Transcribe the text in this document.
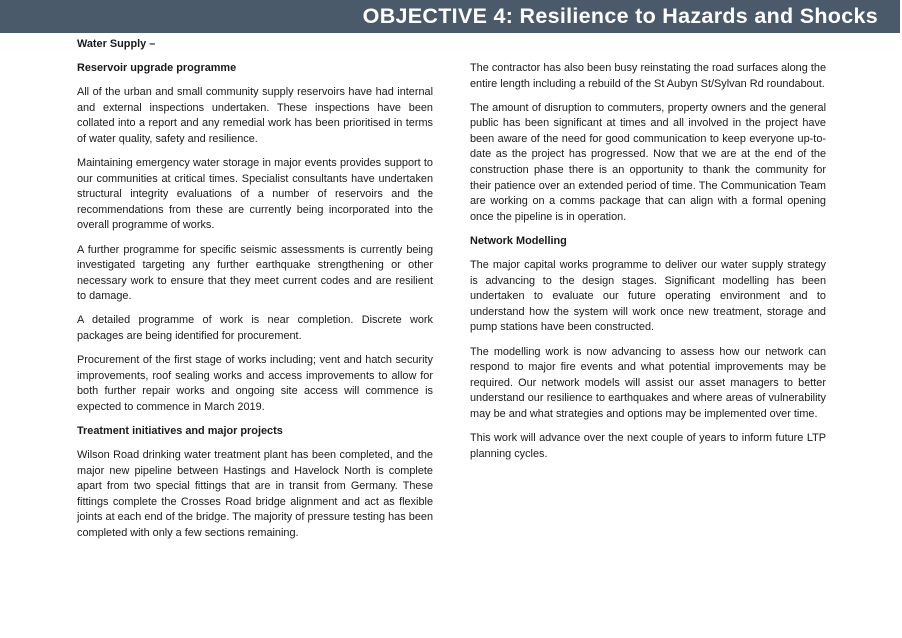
OBJECTIVE 4: Resilience to Hazards and Shocks
Water Supply –
Reservoir upgrade programme

All of the urban and small community supply reservoirs have had internal and external inspections undertaken. These inspections have been collated into a report and any remedial work has been prioritised in terms of water quality, safety and resilience.

Maintaining emergency water storage in major events provides support to our communities at critical times. Specialist consultants have undertaken structural integrity evaluations of a number of reservoirs and the recommendations from these are currently being incorporated into the overall programme of works.

A further programme for specific seismic assessments is currently being investigated targeting any further earthquake strengthening or other necessary work to ensure that they meet current codes and are resilient to damage.

A detailed programme of work is near completion. Discrete work packages are being identified for procurement.

Procurement of the first stage of works including; vent and hatch security improvements, roof sealing works and access improvements to allow for both further repair works and ongoing site access will commence is expected to commence in March 2019.

Treatment initiatives and major projects

Wilson Road drinking water treatment plant has been completed, and the major new pipeline between Hastings and Havelock North is complete apart from two special fittings that are in transit from Germany. These fittings complete the Crosses Road bridge alignment and act as flexible joints at each end of the bridge. The majority of pressure testing has been completed with only a few sections remaining.

The contractor has also been busy reinstating the road surfaces along the entire length including a rebuild of the St Aubyn St/Sylvan Rd roundabout.

The amount of disruption to commuters, property owners and the general public has been significant at times and all involved in the project have been aware of the need for good communication to keep everyone up-to-date as the project has progressed. Now that we are at the end of the construction phase there is an opportunity to thank the community for their patience over an extended period of time. The Communication Team are working on a comms package that can align with a formal opening once the pipeline is in operation.

Network Modelling

The major capital works programme to deliver our water supply strategy is advancing to the design stages. Significant modelling has been undertaken to evaluate our future operating environment and to understand how the system will work once new treatment, storage and pump stations have been constructed.

The modelling work is now advancing to assess how our network can respond to major fire events and what potential improvements may be required. Our network models will assist our asset managers to better understand our resilience to earthquakes and where areas of vulnerability may be and what strategies and options may be implemented over time.

This work will advance over the next couple of years to inform future LTP planning cycles.
